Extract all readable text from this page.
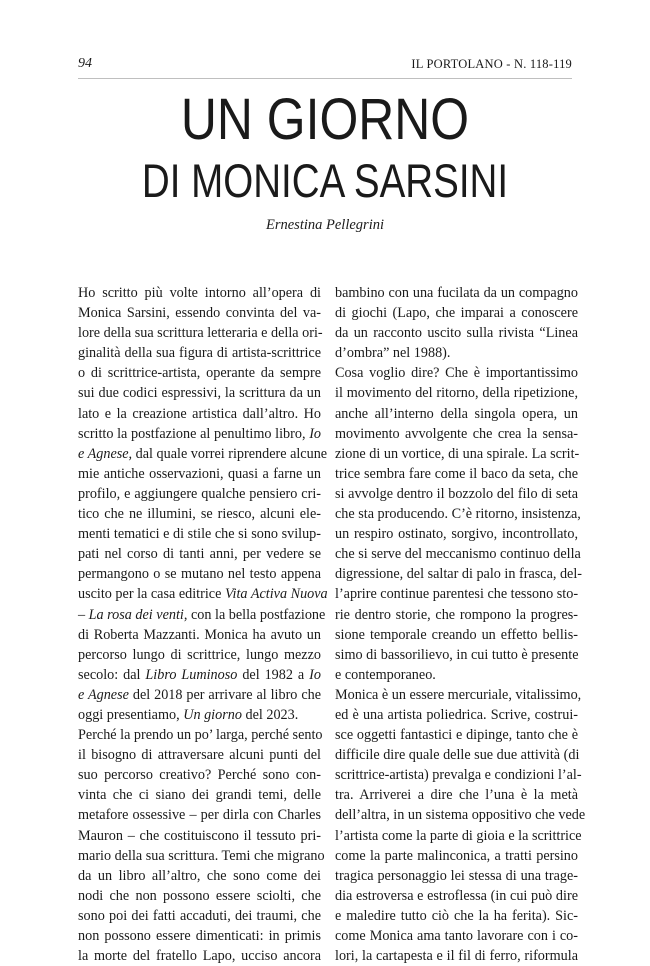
94	IL PORTOLANO - N. 118-119
UN GIORNO
DI MONICA SARSINI
Ernestina Pellegrini
Ho scritto più volte intorno all’opera di
Monica Sarsini, essendo convinta del va-
lore della sua scrittura letteraria e della ori-
ginalità della sua figura di artista-scrittrice
o di scrittrice-artista, operante da sempre
sui due codici espressivi, la scrittura da un
lato e la creazione artistica dall’altro. Ho
scritto la postfazione al penultimo libro, Io
e Agnese, dal quale vorrei riprendere alcune
mie antiche osservazioni, quasi a farne un
profilo, e aggiungere qualche pensiero cri-
tico che ne illumini, se riesco, alcuni ele-
menti tematici e di stile che si sono svilup-
pati nel corso di tanti anni, per vedere se
permangono o se mutano nel testo appena
uscito per la casa editrice Vita Activa Nuova
– La rosa dei venti, con la bella postfazione
di Roberta Mazzanti. Monica ha avuto un
percorso lungo di scrittrice, lungo mezzo
secolo: dal Libro Luminoso del 1982 a Io
e Agnese del 2018 per arrivare al libro che
oggi presentiamo, Un giorno del 2023.
Perché la prendo un po’ larga, perché sento
il bisogno di attraversare alcuni punti del
suo percorso creativo? Perché sono con-
vinta che ci siano dei grandi temi, delle
metafore ossessive – per dirla con Charles
Mauron – che costituiscono il tessuto pri-
mario della sua scrittura. Temi che migrano
da un libro all’altro, che sono come dei
nodi che non possono essere sciolti, che
sono poi dei fatti accaduti, dei traumi, che
non possono essere dimenticati: in primis
la morte del fratello Lapo, ucciso ancora
bambino con una fucilata da un compagno
di giochi (Lapo, che imparai a conoscere
da un racconto uscito sulla rivista “Linea
d’ombra” nel 1988).
Cosa voglio dire? Che è importantissimo
il movimento del ritorno, della ripetizione,
anche all’interno della singola opera, un
movimento avvolgente che crea la sensa-
zione di un vortice, di una spirale. La scrit-
trice sembra fare come il baco da seta, che
si avvolge dentro il bozzolo del filo di seta
che sta producendo. C’è ritorno, insistenza,
un respiro ostinato, sorgivo, incontrollato,
che si serve del meccanismo continuo della
digressione, del saltar di palo in frasca, del-
l’aprire continue parentesi che tessono sto-
rie dentro storie, che rompono la progres-
sione temporale creando un effetto bellis-
simo di bassorilievo, in cui tutto è presente
e contemporaneo.
Monica è un essere mercuriale, vitalissimo,
ed è una artista poliedrica. Scrive, costrui-
sce oggetti fantastici e dipinge, tanto che è
difficile dire quale delle sue due attività (di
scrittrice-artista) prevalga e condizioni l’al-
tra. Arriverei a dire che l’una è la metà
dell’altra, in un sistema oppositivo che vede
l’artista come la parte di gioia e la scrittrice
come la parte malinconica, a tratti persino
tragica personaggio lei stessa di una trage-
dia estroversa e estroflessa (in cui può dire
e maledire tutto ciò che la ha ferita). Sic-
come Monica ama tanto lavorare con i co-
lori, la cartapesta e il fil di ferro, riformula
